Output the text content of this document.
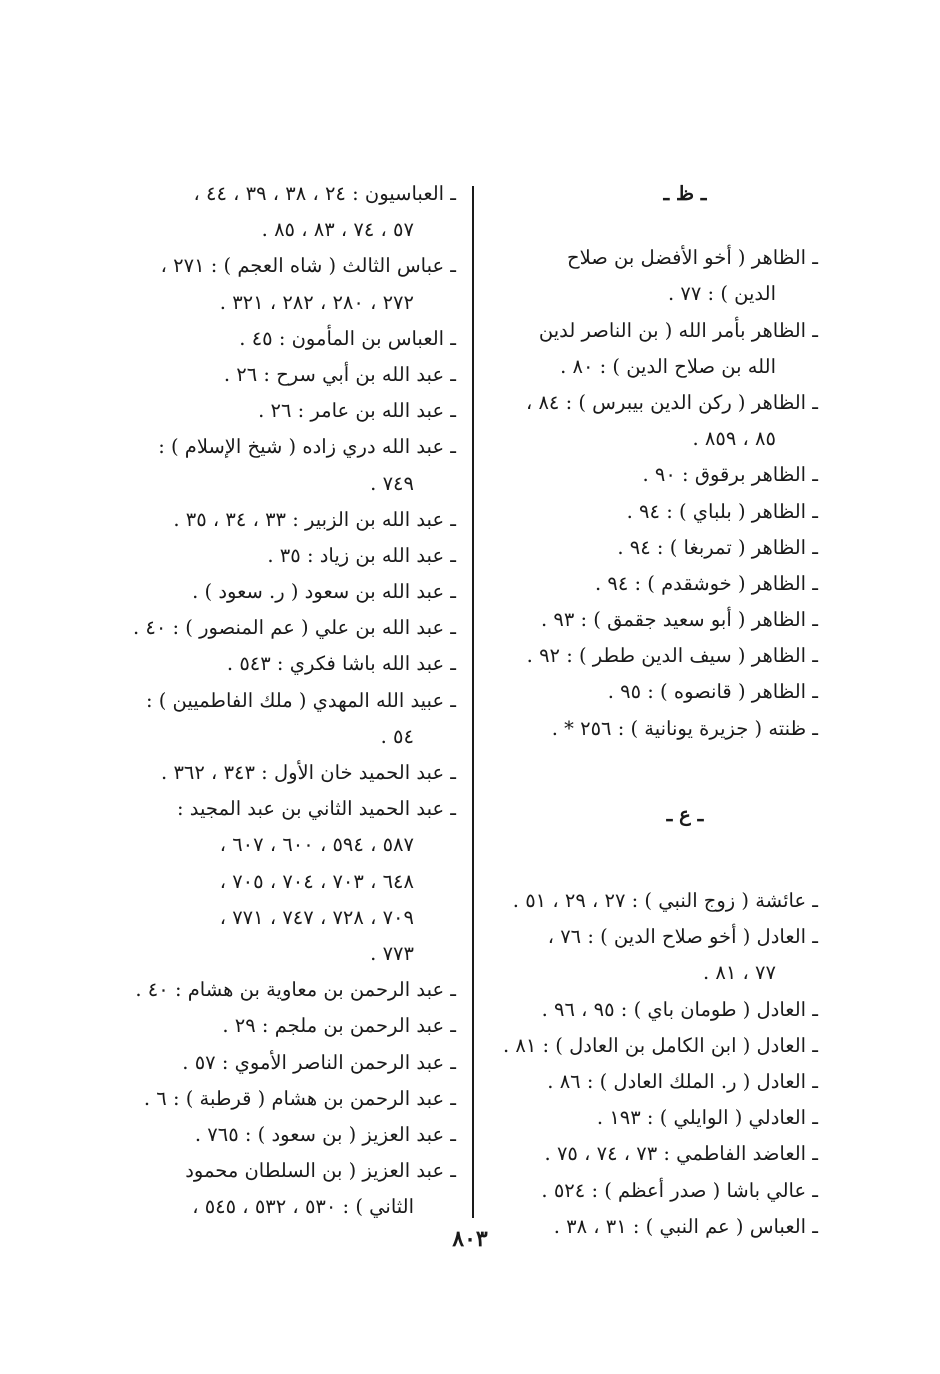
ـ ظ ـ
ـ الظاهر ( أخو الأفضل بن صلاح
الدين ) : ٧٧ .
ـ الظاهر بأمر الله ( بن الناصر لدين
الله بن صلاح الدين ) : ٨٠ .
ـ الظاهر ( ركن الدين بيبرس ) : ٨٤ ،
٨٥ ، ٨٥٩ .
ـ الظاهر برقوق : ٩٠ .
ـ الظاهر ( بلباي ) : ٩٤ .
ـ الظاهر ( تمربغا ) : ٩٤ .
ـ الظاهر ( خوشقدم ) : ٩٤ .
ـ الظاهر ( أبو سعيد جقمق ) : ٩٣ .
ـ الظاهر ( سيف الدين ططر ) : ٩٢ .
ـ الظاهر ( قانصوه ) : ٩٥ .
ـ ظنته ( جزيرة يونانية ) : ٢٥٦ * .
ـ ع ـ
ـ عائشة ( زوج النبي ) : ٢٧ ، ٢٩ ، ٥١ .
ـ العادل ( أخو صلاح الدين ) : ٧٦ ،
٧٧ ، ٨١ .
ـ العادل ( طومان باي ) : ٩٥ ، ٩٦ .
ـ العادل ( ابن الكامل بن العادل ) : ٨١ .
ـ العادل ( ر. الملك العادل ) : ٨٦ .
ـ العادلي ( الوايلي ) : ١٩٣ .
ـ العاضد الفاطمي : ٧٣ ، ٧٤ ، ٧٥ .
ـ عالي باشا ( صدر أعظم ) : ٥٢٤ .
ـ العباس ( عم النبي ) : ٣١ ، ٣٨ .
ـ العباسيون : ٢٤ ، ٣٨ ، ٣٩ ، ٤٤ ،
٥٧ ، ٧٤ ، ٨٣ ، ٨٥ .
ـ عباس الثالث ( شاه العجم ) : ٢٧١ ،
٢٧٢ ، ٢٨٠ ، ٢٨٢ ، ٣٢١ .
ـ العباس بن المأمون : ٤٥ .
ـ عبد الله بن أبي سرح : ٢٦ .
ـ عبد الله بن عامر : ٢٦ .
ـ عبد الله دري زاده ( شيخ الإسلام ) :
٧٤٩ .
ـ عبد الله بن الزبير : ٣٣ ، ٣٤ ، ٣٥ .
ـ عبد الله بن زياد : ٣٥ .
ـ عبد الله بن سعود ( ر. سعود ) .
ـ عبد الله بن علي ( عم المنصور ) : ٤٠ .
ـ عبد الله باشا فكري : ٥٤٣ .
ـ عبيد الله المهدي ( ملك الفاطميين ) :
٥٤ .
ـ عبد الحميد خان الأول : ٣٤٣ ، ٣٦٢ .
ـ عبد الحميد الثاني بن عبد المجيد :
٥٨٧ ، ٥٩٤ ، ٦٠٠ ، ٦٠٧ ،
٦٤٨ ، ٧٠٣ ، ٧٠٤ ، ٧٠٥ ،
٧٠٩ ، ٧٢٨ ، ٧٤٧ ، ٧٧١ ،
٧٧٣ .
ـ عبد الرحمن بن معاوية بن هشام : ٤٠ .
ـ عبد الرحمن بن ملجم : ٢٩ .
ـ عبد الرحمن الناصر الأموي : ٥٧ .
ـ عبد الرحمن بن هشام ( قرطبة ) : ٦ .
ـ عبد العزيز ( بن سعود ) : ٧٦٥ .
ـ عبد العزيز ( بن السلطان محمود
الثاني ) : ٥٣٠ ، ٥٣٢ ، ٥٤٥ ،
٨٠٣
